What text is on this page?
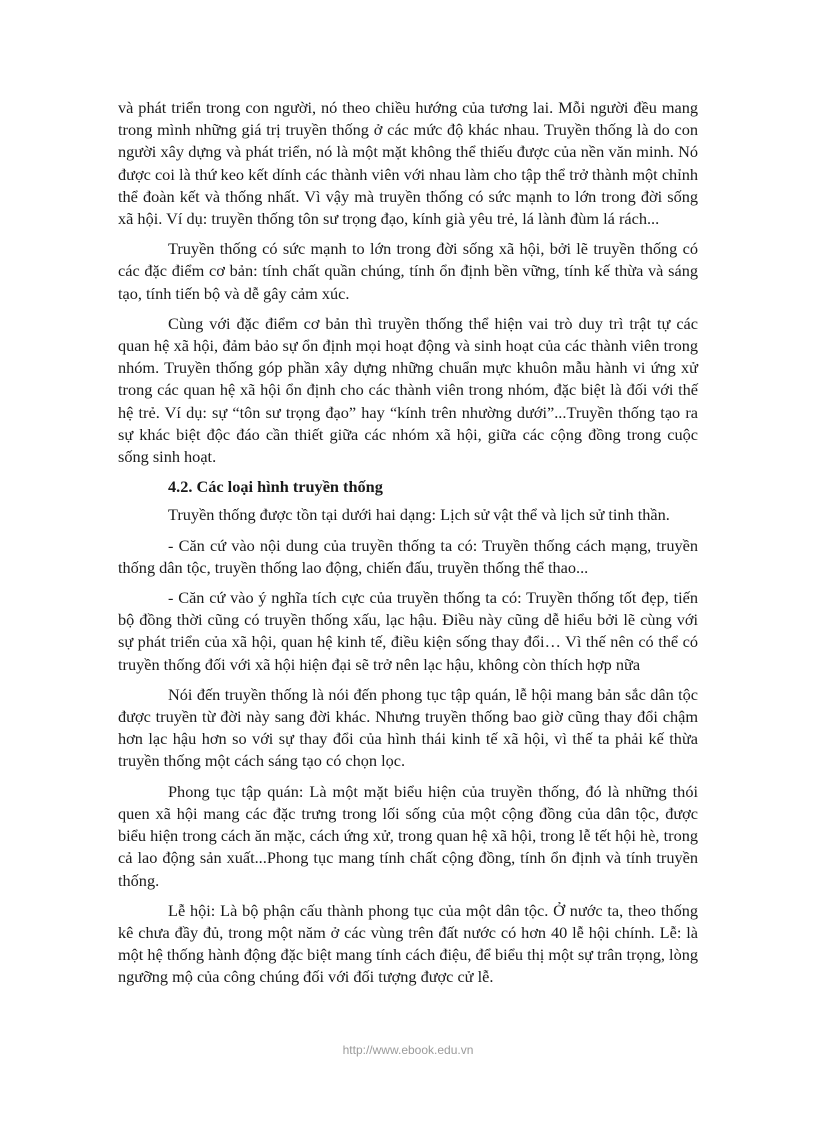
và phát triển trong con người, nó theo chiều hướng của tương lai. Mỗi người đều mang trong mình những giá trị truyền thống ở các mức độ khác nhau. Truyền thống là do con người xây dựng và phát triển, nó là một mặt không thể thiếu được của nền văn minh. Nó được coi là thứ keo kết dính các thành viên với nhau làm cho tập thể trở thành một chỉnh thể đoàn kết và thống nhất. Vì vậy mà truyền thống có sức mạnh to lớn trong đời sống xã hội. Ví dụ: truyền thống tôn sư trọng đạo, kính già yêu trẻ, lá lành đùm lá rách...

Truyền thống có sức mạnh to lớn trong đời sống xã hội, bởi lẽ truyền thống có các đặc điểm cơ bản: tính chất quần chúng, tính ổn định bền vững, tính kế thừa và sáng tạo, tính tiến bộ và dễ gây cảm xúc.

Cùng với đặc điểm cơ bản thì truyền thống thể hiện vai trò duy trì trật tự các quan hệ xã hội, đảm bảo sự ổn định mọi hoạt động và sinh hoạt của các thành viên trong nhóm. Truyền thống góp phần xây dựng những chuẩn mực khuôn mẫu hành vi ứng xử trong các quan hệ xã hội ổn định cho các thành viên trong nhóm, đặc biệt là đối với thế hệ trẻ. Ví dụ: sự “tôn sư trọng đạo” hay “kính trên nhường dưới”...Truyền thống tạo ra sự khác biệt độc đáo cần thiết giữa các nhóm xã hội, giữa các cộng đồng trong cuộc sống sinh hoạt.

4.2. Các loại hình truyền thống

Truyền thống được tồn tại dưới hai dạng: Lịch sử vật thể và lịch sử tinh thần.

- Căn cứ vào nội dung của truyền thống ta có: Truyền thống cách mạng, truyền thống dân tộc, truyền thống lao động, chiến đấu, truyền thống thể thao...

- Căn cứ vào ý nghĩa tích cực của truyền thống ta có: Truyền thống tốt đẹp, tiến bộ đồng thời cũng có truyền thống xấu, lạc hậu. Điều này cũng dễ hiểu bởi lẽ cùng với sự phát triển của xã hội, quan hệ kinh tế, điều kiện sống thay đổi… Vì thế nên có thể có truyền thống đối với xã hội hiện đại sẽ trở nên lạc hậu, không còn thích hợp nữa

Nói đến truyền thống là nói đến phong tục tập quán, lễ hội mang bản sắc dân tộc được truyền từ đời này sang đời khác. Nhưng truyền thống bao giờ cũng thay đổi chậm hơn lạc hậu hơn so với sự thay đổi của hình thái kinh tế xã hội, vì thế ta phải kế thừa truyền thống một cách sáng tạo có chọn lọc.

Phong tục tập quán: Là một mặt biểu hiện của truyền thống, đó là những thói quen xã hội mang các đặc trưng trong lối sống của một cộng đồng của dân tộc, được biểu hiện trong cách ăn mặc, cách ứng xử, trong quan hệ xã hội, trong lễ tết hội hè, trong cả lao động sản xuất...Phong tục mang tính chất cộng đồng, tính ổn định và tính truyền thống.

Lễ hội: Là bộ phận cấu thành phong tục của một dân tộc. Ở nước ta, theo thống kê chưa đầy đủ, trong một năm ở các vùng trên đất nước có hơn 40 lễ hội chính. Lễ: là một hệ thống hành động đặc biệt mang tính cách điệu, để biểu thị một sự trân trọng, lòng ngưỡng mộ của công chúng đối với đối tượng được cử lễ.

http://www.ebook.edu.vn
